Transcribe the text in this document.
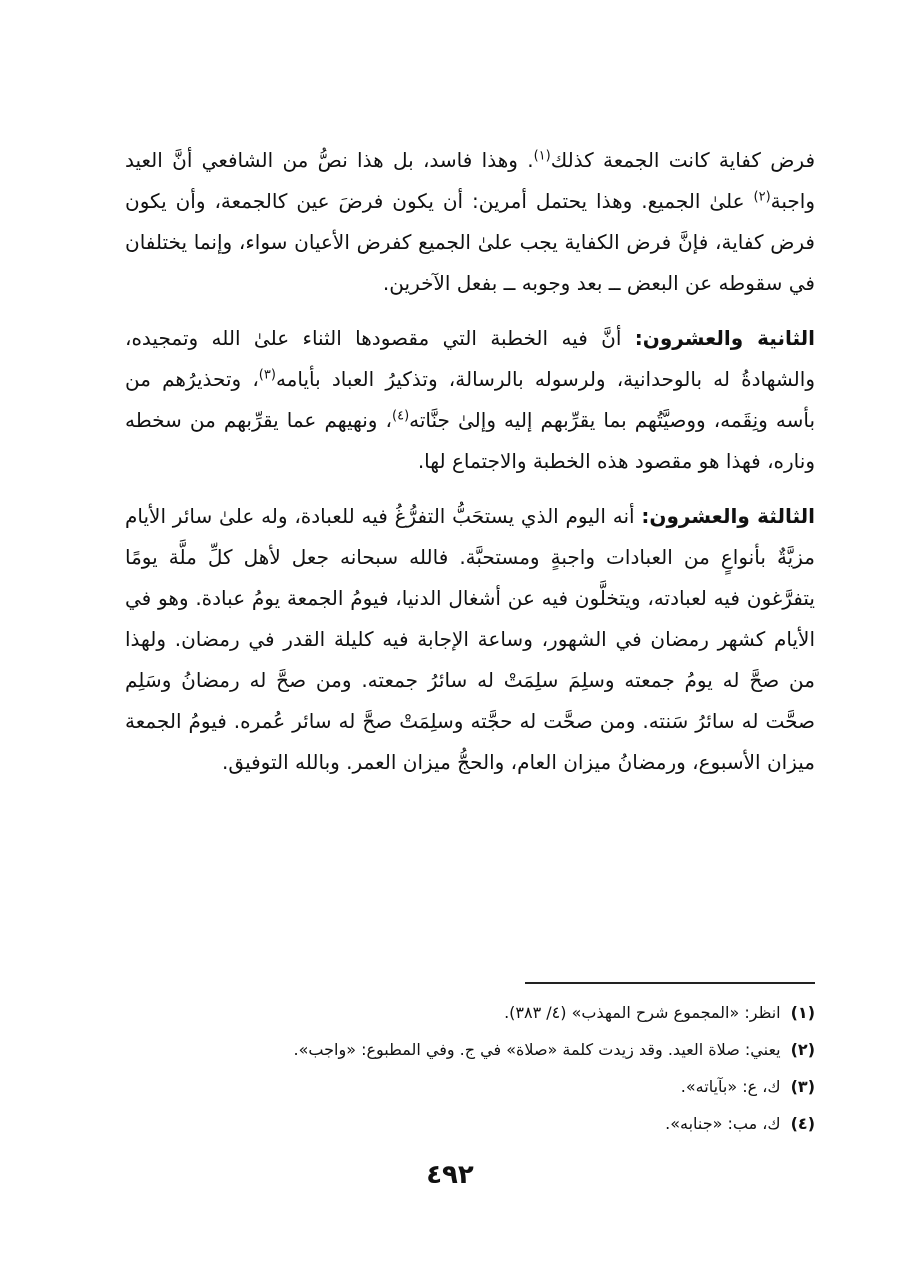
فرض كفاية كانت الجمعة كذلك$^{(١)}$. وهذا فاسد، بل هذا نصُّ من الشافعي أنَّ العيد واجبة$^{(٢)}$ علىٰ الجميع. وهذا يحتمل أمرين: أن يكون فرضَ عين كالجمعة، وأن يكون فرض كفاية، فإنَّ فرض الكفاية يجب علىٰ الجميع كفرض الأعيان سواء، وإنما يختلفان في سقوطه عن البعض ــ بعد وجوبه ــ بفعل الآخرين.

الثانية والعشرون: أنَّ فيه الخطبة التي مقصودها الثناء علىٰ الله وتمجيده، والشهادةُ له بالوحدانية، ولرسوله بالرسالة، وتذكيرُ العباد بأيامه$^{(٣)}$، وتحذيرُهم من بأسه ونِقَمه، ووصيَّتُهم بما يقرِّبهم إليه وإلىٰ جنَّاته$^{(٤)}$، ونهيهم عما يقرِّبهم من سخطه وناره، فهذا هو مقصود هذه الخطبة والاجتماع لها.

الثالثة والعشرون: أنه اليوم الذي يستحَبُّ التفرُّغُ فيه للعبادة، وله علىٰ سائر الأيام مزيَّةٌ بأنواعٍ من العبادات واجبةٍ ومستحبَّة. فالله سبحانه جعل لأهل كلِّ ملَّة يومًا يتفرَّغون فيه لعبادته، ويتخلَّون فيه عن أشغال الدنيا، فيومُ الجمعة يومُ عبادة. وهو في الأيام كشهر رمضان في الشهور، وساعة الإجابة فيه كليلة القدر في رمضان. ولهذا من صحَّ له يومُ جمعته وسلِمَ سلِمَتْ له سائرُ جمعته. ومن صحَّ له رمضانُ وسَلِم صحَّت له سائرُ سَنته. ومن صحَّت له حجَّته وسلِمَتْ صحَّ له سائر عُمره. فيومُ الجمعة ميزان الأسبوع، ورمضانُ ميزان العام، والحجُّ ميزان العمر. وبالله التوفيق.

(١)انظر: «المجموع شرح المهذب» (٤/ ٣٨٣).

(٢)يعني: صلاة العيد. وقد زيدت كلمة «صلاة» في ج. وفي المطبوع: «واجب».

(٣)ك، ع: «بآياته».

(٤)ك، مب: «جنابه».

٤٩٢
